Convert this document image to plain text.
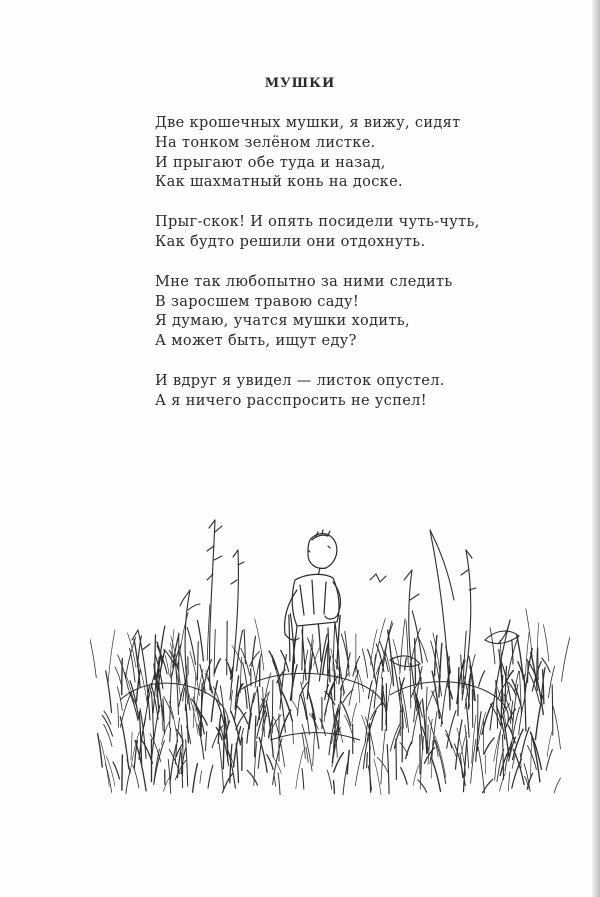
МУШКИ
Две крошечных мушки, я вижу, сидят
На тонком зелёном листке.
И прыгают обе туда и назад,
Как шахматный конь на доске.
Прыг-скок! И опять посидели чуть-чуть,
Как будто решили они отдохнуть.
Мне так любопытно за ними следить
В заросшем травою саду!
Я думаю, учатся мушки ходить,
А может быть, ищут еду?
И вдруг я увидел — листок опустел.
А я ничего расспросить не успел!
